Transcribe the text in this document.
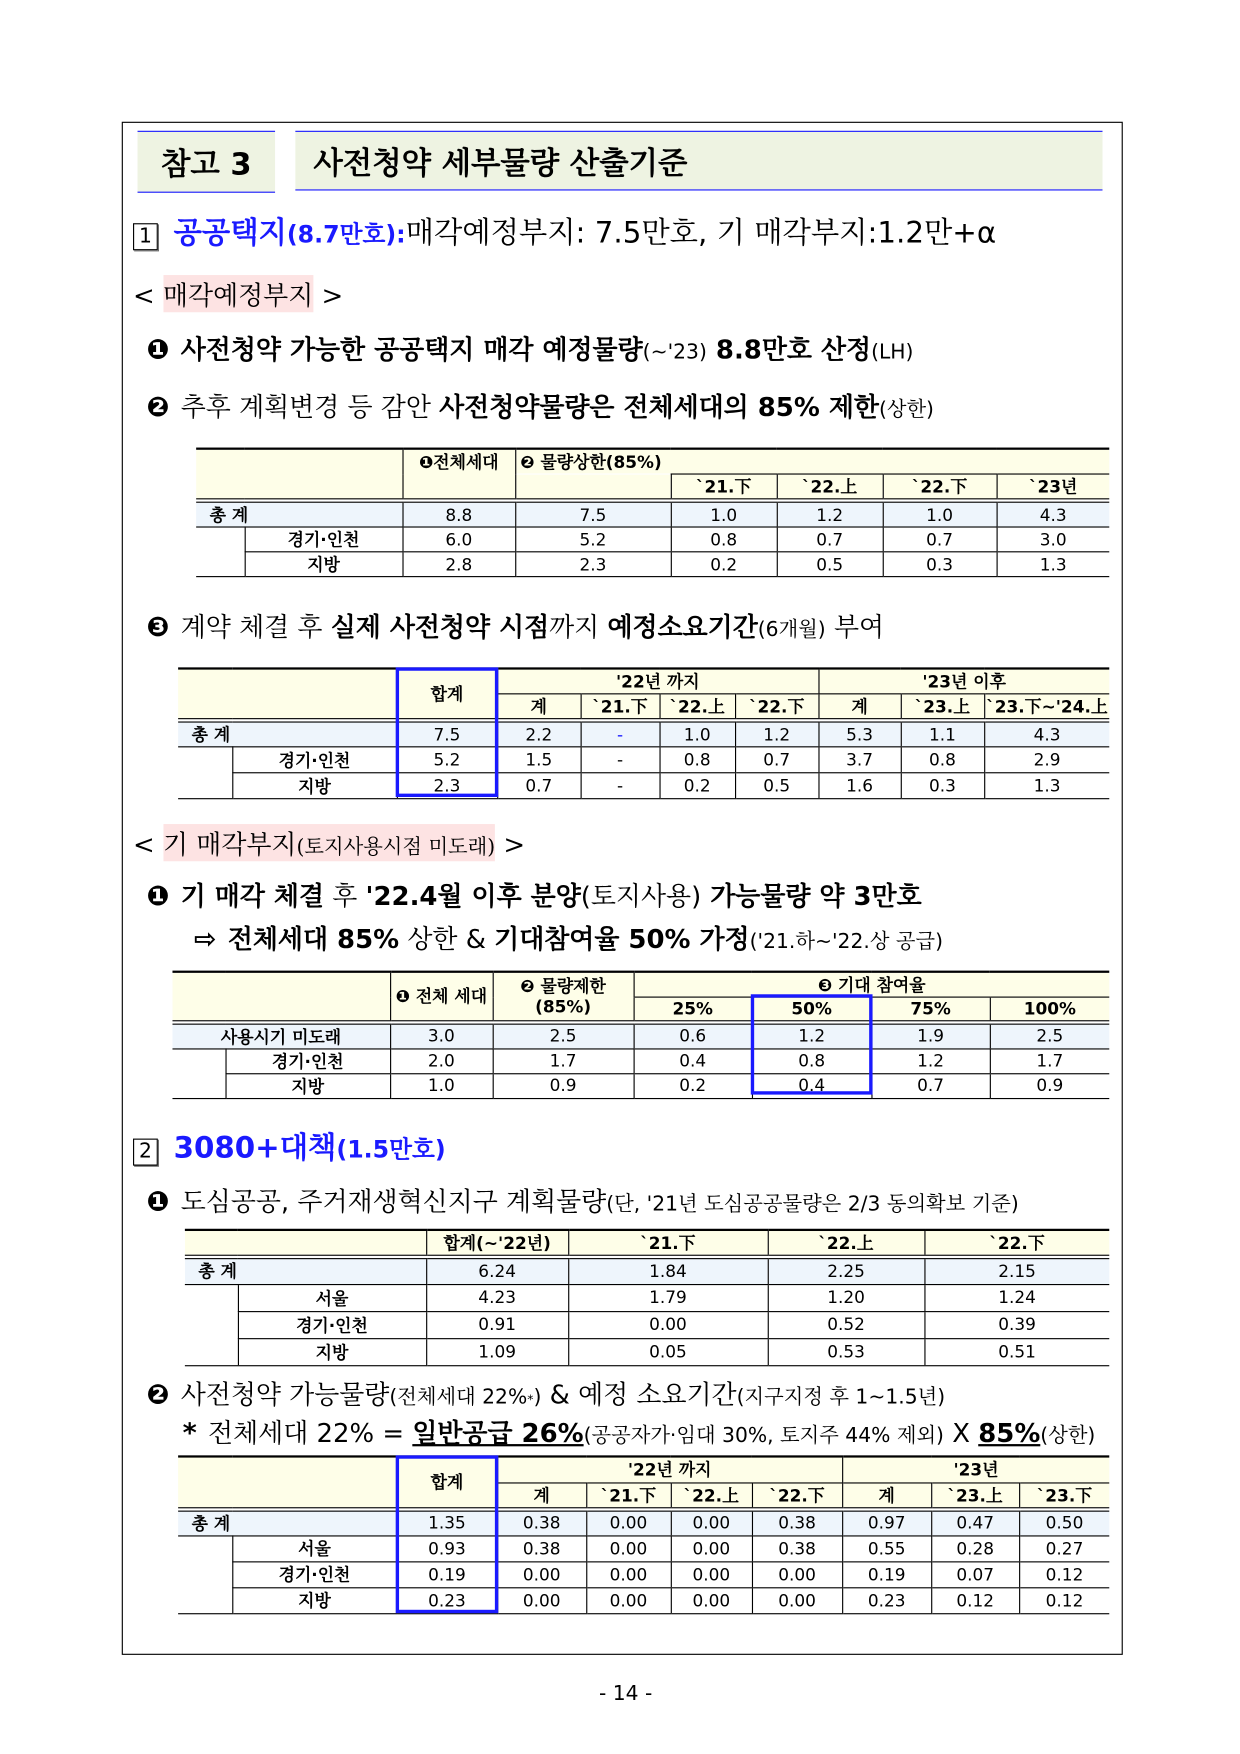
참고 3	사전청약 세부물량 산출기준
1 공공택지 (8.7만호): 매각예정부지: 7.5만호, 기 매각부지:1.2만+α
<
매각예정부지
>
❶ 사전청약 가능한 공공택지 매각 예정물량 (~'23) 8.8만호 산정 (LH)
❷ 추후 계획변경 등 감안 사전청약물량은 전체세대의 85% 제한 (상한)
		❶전체세대	❷ 물량상한(85%)				
				`21.下	`22.上	`22.下	`23년
총 계		8.8	7.5	1.0	1.2	1.0	4.3
	경기·인천	6.0	5.2	0.8	0.7	0.7	3.0
	지방	2.8	2.3	0.2	0.5	0.3	1.3
❸ 계약 체결 후 실제 사전청약 시점 까지 예정소요기간 (6개월) 부여
		합계	'22년 까지				'23년 이후		
			계	`21.下	`22.上	`22.下	계	`23.上	`23.下~'24.上
총 계		7.5	2.2	-	1.0	1.2	5.3	1.1	4.3
	경기·인천	5.2	1.5	-	0.8	0.7	3.7	0.8	2.9
	지방	2.3	0.7	-	0.2	0.5	1.6	0.3	1.3
<
기 매각부지(토지사용시점 미도래)
>
❶ 기 매각 체결 후 '22.4월 이후 분양 (토지사용) 가능물량 약 3만호
⇨ 전체세대 85% 상한 & 기대참여율 50% 가정 ('21.하~'22.상 공급)
		❶ 전체 세대	❷ 물량제한 (85%)	❸ 기대 참여율			
				25%	50%	75%	100%
사용시기 미도래		3.0	2.5	0.6	1.2	1.9	2.5
	경기·인천	2.0	1.7	0.4	0.8	1.2	1.7
	지방	1.0	0.9	0.2	0.4	0.7	0.9
2 3080+대책 (1.5만호)
❶ 도심공공, 주거재생혁신지구 계획물량 (단, '21년 도심공공물량은 2/3 동의확보 기준)
		합계(~'22년)	`21.下	`22.上	`22.下
총 계		6.24	1.84	2.25	2.15
	서울	4.23	1.79	1.20	1.24
	경기·인천	0.91	0.00	0.52	0.39
	지방	1.09	0.05	0.53	0.51
❷ 사전청약 가능물량 (전체세대 22% * ) & 예정 소요기간 (지구지정 후 1~1.5년)
* 전체세대 22% = 일반공급 26% (공공자가·임대 30%, 토지주 44% 제외) X 85% (상한)
		합계	'22년 까지				'23년		
			계	`21.下	`22.上	`22.下	계	`23.上	`23.下
총 계		1.35	0.38	0.00	0.00	0.38	0.97	0.47	0.50
	서울	0.93	0.38	0.00	0.00	0.38	0.55	0.28	0.27
	경기·인천	0.19	0.00	0.00	0.00	0.00	0.19	0.07	0.12
	지방	0.23	0.00	0.00	0.00	0.00	0.23	0.12	0.12
- 14 -
